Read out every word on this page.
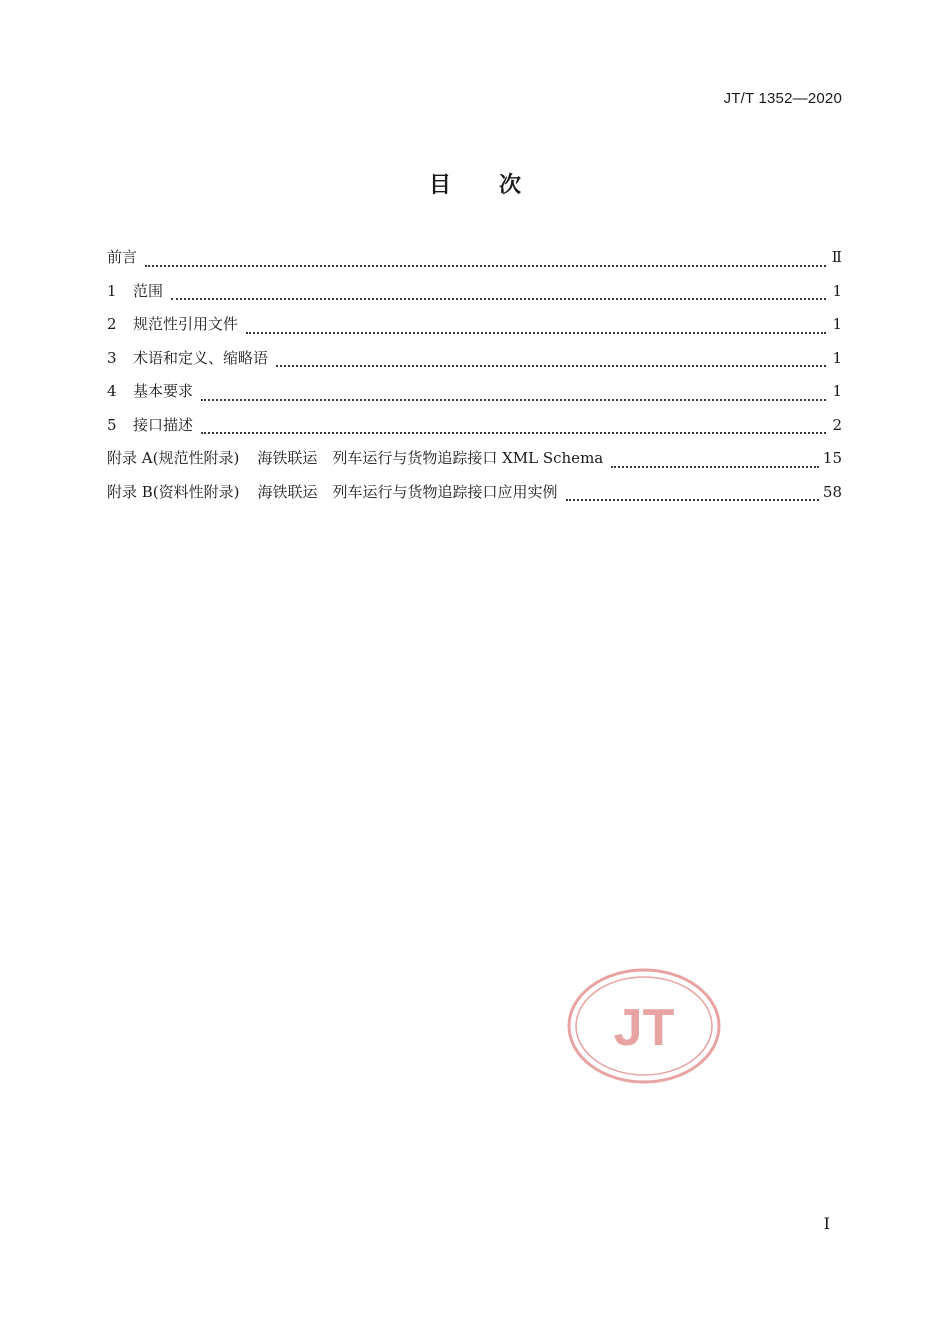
JT/T 1352—2020
目次
前言	Ⅱ
1	范围	1
2	规范性引用文件	1
3	术语和定义、缩略语	1
4	基本要求	1
5	接口描述	2
附录 A(规范性附录) 海铁联运　列车运行与货物追踪接口 XML Schema	15
附录 B(资料性附录) 海铁联运　列车运行与货物追踪接口应用实例	58
JT
I
